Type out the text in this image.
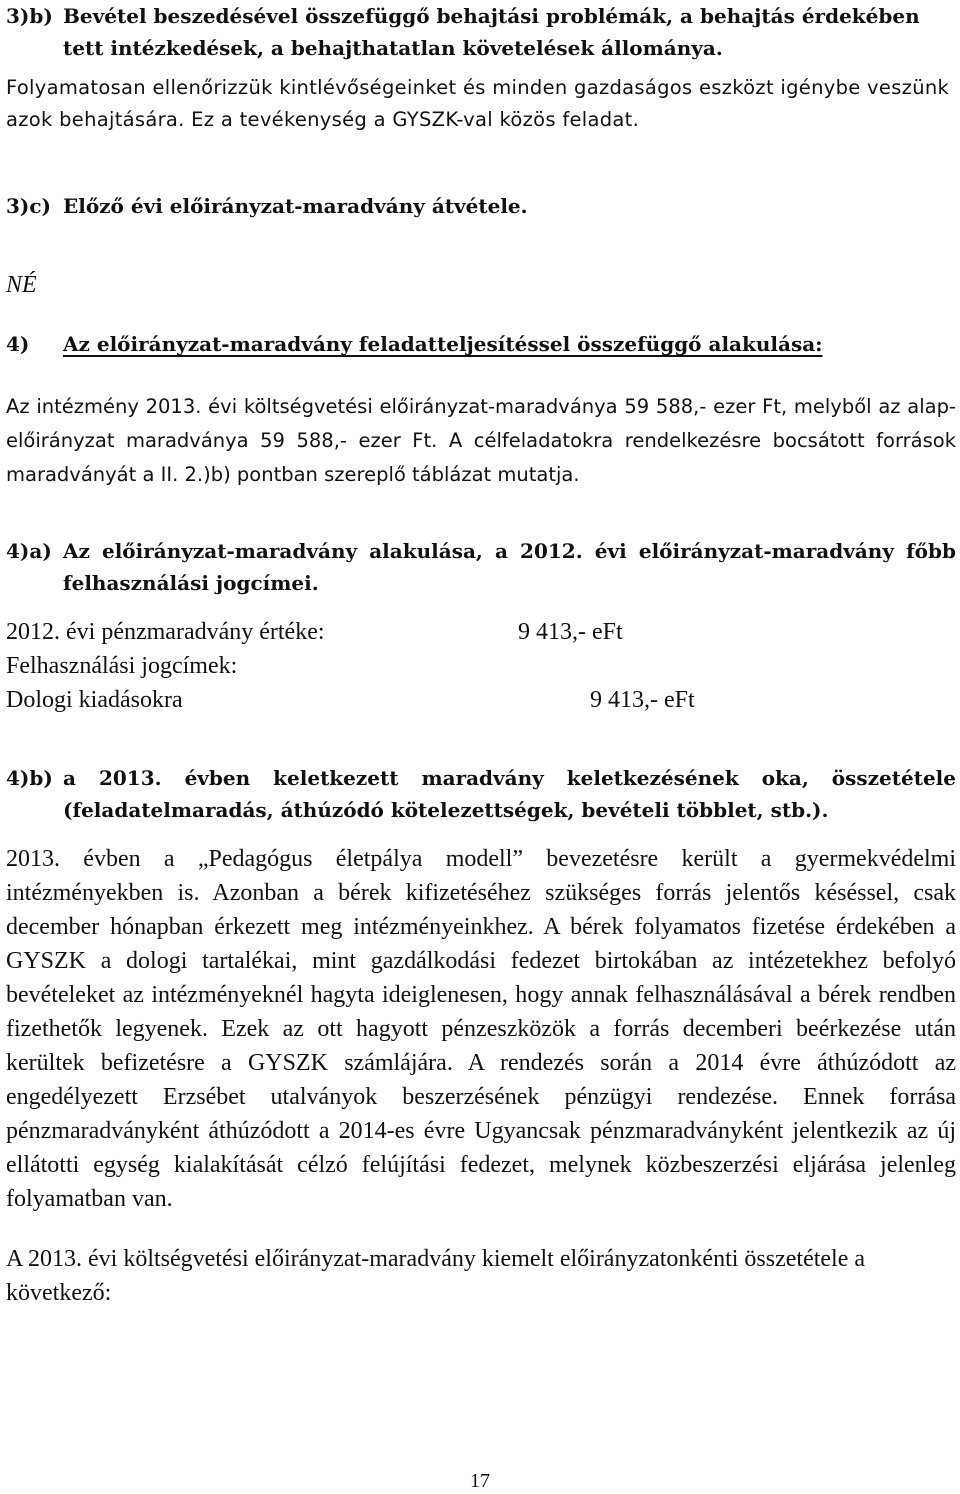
3)b) Bevétel beszedésével összefüggő behajtási problémák, a behajtás érdekében tett intézkedések, a behajthatatlan követelések állománya.

Folyamatosan ellenőrizzük kintlévőségeinket és minden gazdaságos eszközt igénybe veszünk azok behajtására. Ez a tevékenység a GYSZK-val közös feladat.

3)c) Előző évi előirányzat-maradvány átvétele.

NÉ

4)	Az előirányzat-maradvány feladatteljesítéssel összefüggő alakulása:

Az intézmény 2013. évi költségvetési előirányzat-maradványa 59 588,- ezer Ft, melyből az alap-előirányzat maradványa 59 588,- ezer Ft. A célfeladatokra rendelkezésre bocsátott források maradványát a II. 2.)b) pontban szereplő táblázat mutatja.

4)a) Az előirányzat-maradvány alakulása, a 2012. évi előirányzat-maradvány főbb felhasználási jogcímei.
2012. évi pénzmaradvány értéke:	9 413,- eFt
Felhasználási jogcímek:
Dologi kiadásokra	9 413,- eFt
4)b) a 2013. évben keletkezett maradvány keletkezésének oka, összetétele (feladatelmaradás, áthúzódó kötelezettségek, bevételi többlet, stb.).

2013. évben a „Pedagógus életpálya modell” bevezetésre került a gyermekvédelmi intézményekben is. Azonban a bérek kifizetéséhez szükséges forrás jelentős késéssel, csak december hónapban érkezett meg intézményeinkhez. A bérek folyamatos fizetése érdekében a GYSZK a dologi tartalékai, mint gazdálkodási fedezet birtokában az intézetekhez befolyó bevételeket az intézményeknél hagyta ideiglenesen, hogy annak felhasználásával a bérek rendben fizethetők legyenek. Ezek az ott hagyott pénzeszközök a forrás decemberi beérkezése után kerültek befizetésre a GYSZK számlájára. A rendezés során a 2014 évre áthúzódott az engedélyezett Erzsébet utalványok beszerzésének pénzügyi rendezése. Ennek forrása pénzmaradványként áthúzódott a 2014-es évre Ugyancsak pénzmaradványként jelentkezik az új ellátotti egység kialakítását célzó felújítási fedezet, melynek közbeszerzési eljárása jelenleg folyamatban van.

A 2013. évi költségvetési előirányzat-maradvány kiemelt előirányzatonkénti összetétele a következő:

17
